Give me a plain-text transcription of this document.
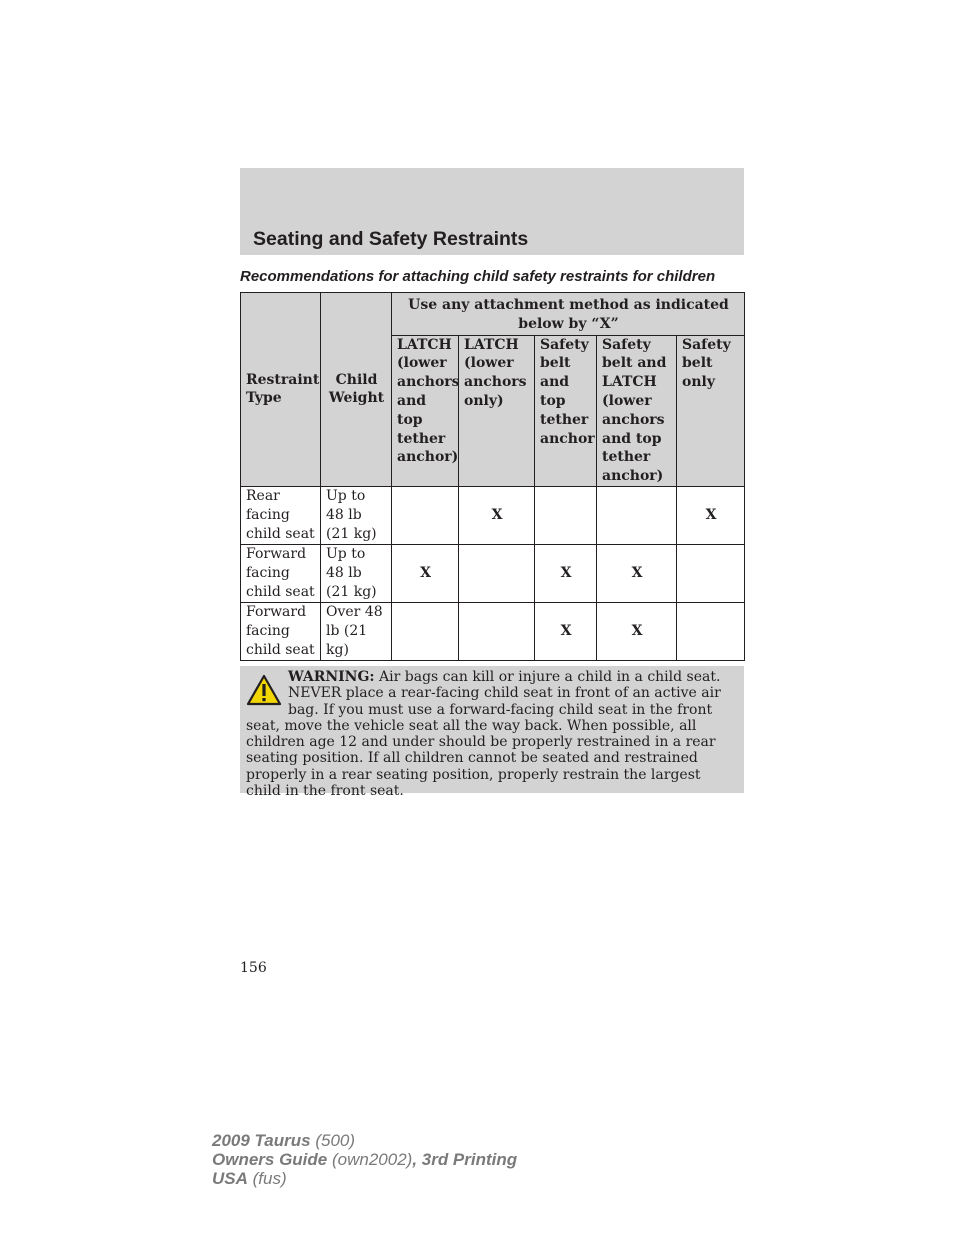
Seating and Safety Restraints
Recommendations for attaching child safety restraints for children
Restraint Type	Child Weight	Use any attachment method as indicated below by “X”				
		LATCH (lower anchors and top tether anchor)	LATCH (lower anchors only)	Safety belt and top tether anchor	Safety belt and LATCH (lower anchors and top tether anchor)	Safety belt only
Rear facing child seat	Up to 48 lb (21 kg)		X			X
Forward facing child seat	Up to 48 lb (21 kg)	X		X	X	
Forward facing child seat	Over 48 lb (21 kg)			X	X	
WARNING: Air bags can kill or injure a child in a child seat. NEVER place a rear-facing child seat in front of an active air bag. If you must use a forward-facing child seat in the front seat, move the vehicle seat all the way back. When possible, all children age 12 and under should be properly restrained in a rear seating position. If all children cannot be seated and restrained properly in a rear seating position, properly restrain the largest child in the front seat.
156
2009 Taurus (500)
Owners Guide (own2002), 3rd Printing
USA (fus)
